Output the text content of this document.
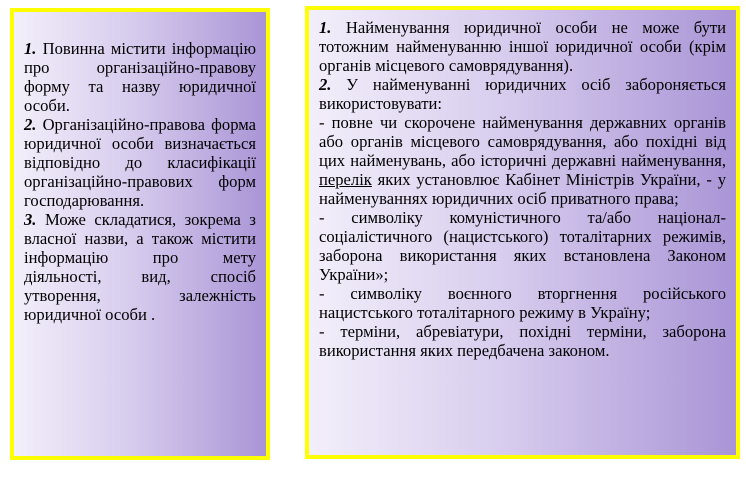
1. Повинна містити інформацію про організаційно-правову форму та назву юридичної особи.

2. Організаційно-правова форма юридичної особи визначається відповідно до класифікації організаційно-правових форм господарювання.

3. Може складатися, зокрема з власної назви, а також містити інформацію про мету діяльності, вид, спосіб утворення, залежність юридичної особи .

1. Найменування юридичної особи не може бути тотожним найменуванню іншої юридичної особи (крім органів місцевого самоврядування).

2. У найменуванні юридичних осіб забороняється використовувати:

- повне чи скорочене найменування державних органів або органів місцевого самоврядування, або похідні від цих найменувань, або історичні державні найменування, перелік яких установлює Кабінет Міністрів України, - у найменуваннях юридичних осіб приватного права;

- символіку комуністичного та/або націонал-соціалістичного (нацистського) тоталітарних режимів, заборона використання яких встановлена Законом України»;

- символіку воєнного вторгнення російського нацистського тоталітарного режиму в Україну;

- терміни, абревіатури, похідні терміни, заборона використання яких передбачена законом.
